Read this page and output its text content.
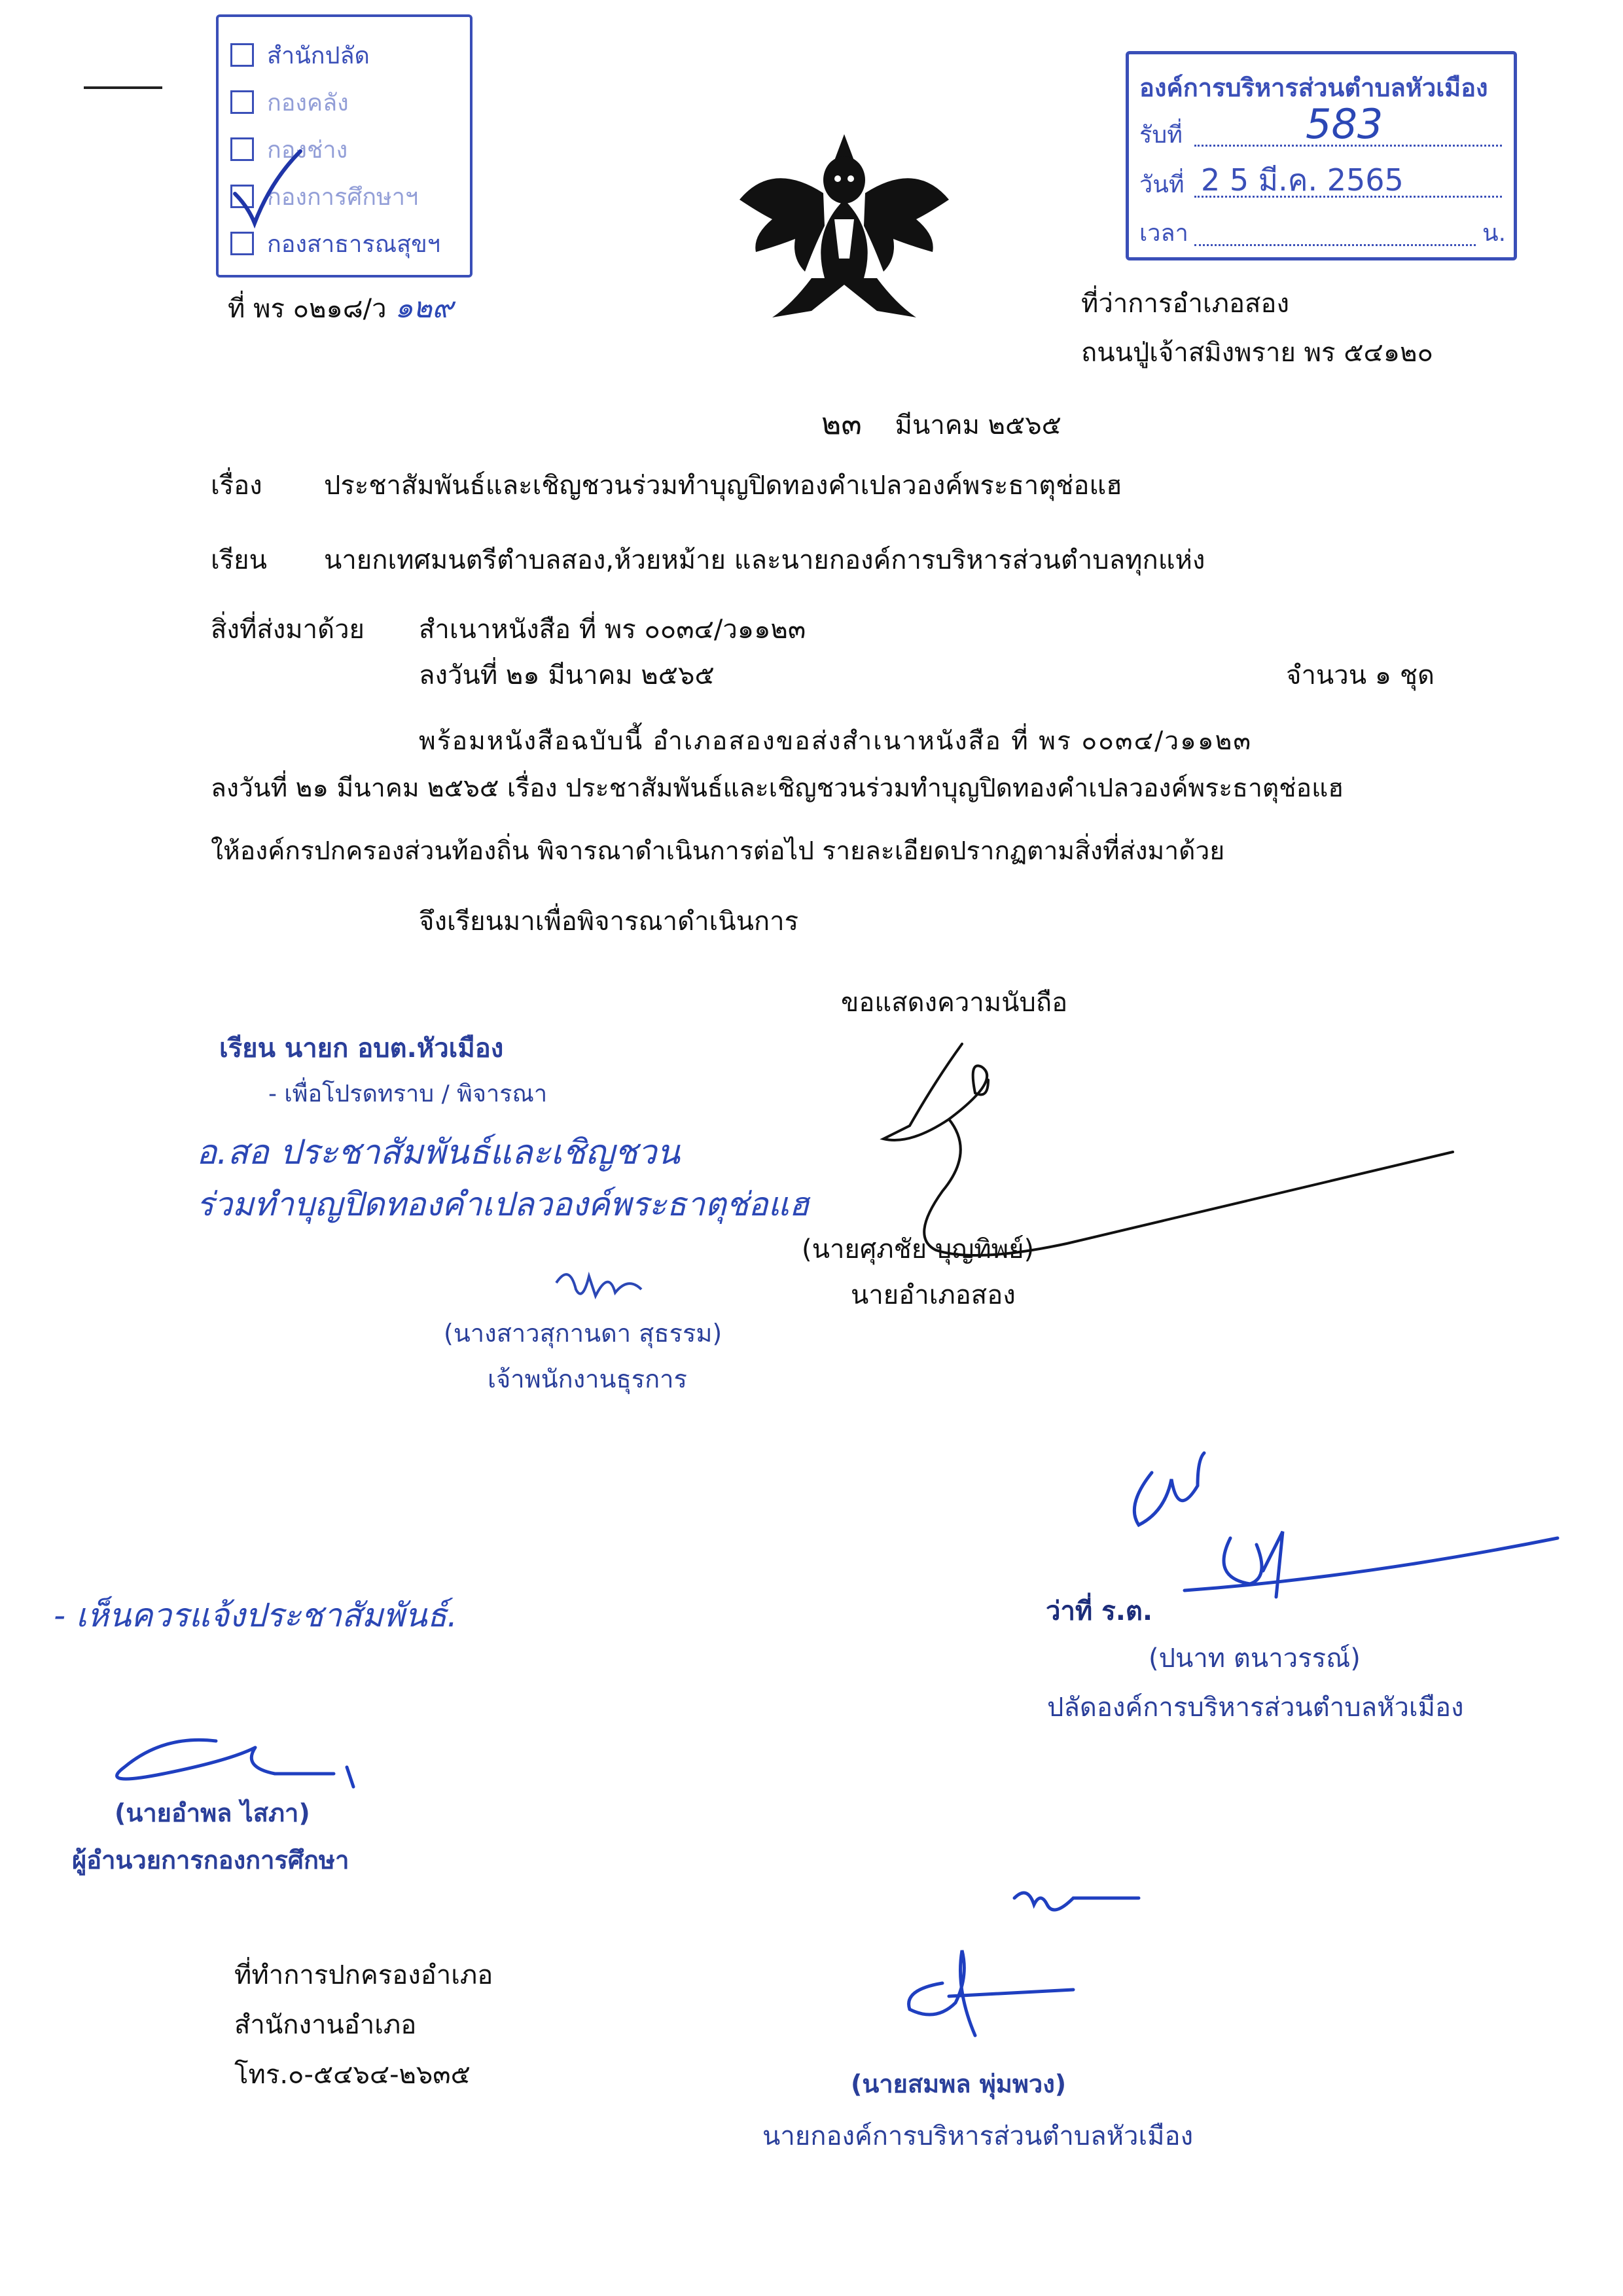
สำนักปลัด
กองคลัง
กองช่าง
กองการศึกษาฯ
กองสาธารณสุขฯ
องค์การบริหารส่วนตำบลหัวเมือง
รับที่	583
วันที่ 2 5 มี.ค. 2565
เวลา	น.
ที่ พร ๐๒๑๘/ว ๑๒๙	ที่ว่าการอำเภอสอง
ถนนปู่เจ้าสมิงพราย พร ๕๔๑๒๐
๒๓ มีนาคม ๒๕๖๕
เรื่อง ประชาสัมพันธ์และเชิญชวนร่วมทำบุญปิดทองคำเปลวองค์พระธาตุช่อแฮ
เรียน นายกเทศมนตรีตำบลสอง,ห้วยหม้าย และนายกองค์การบริหารส่วนตำบลทุกแห่ง
สิ่งที่ส่งมาด้วย สำเนาหนังสือ ที่ พร ๐๐๓๔/ว๑๑๒๓
ลงวันที่ ๒๑ มีนาคม ๒๕๖๕	จำนวน ๑ ชุด
พร้อมหนังสือฉบับนี้ อำเภอสองขอส่งสำเนาหนังสือ ที่ พร ๐๐๓๔/ว๑๑๒๓
ลงวันที่ ๒๑ มีนาคม ๒๕๖๕ เรื่อง ประชาสัมพันธ์และเชิญชวนร่วมทำบุญปิดทองคำเปลวองค์พระธาตุช่อแฮ
ให้องค์กรปกครองส่วนท้องถิ่น พิจารณาดำเนินการต่อไป รายละเอียดปรากฏตามสิ่งที่ส่งมาด้วย
จึงเรียนมาเพื่อพิจารณาดำเนินการ
ขอแสดงความนับถือ
(นายศุภชัย บุญทิพย์)
นายอำเภอสอง
เรียน นายก อบต.หัวเมือง
- เพื่อโปรดทราบ / พิจารณา
อ.สอ ประชาสัมพันธ์และเชิญชวน
ร่วมทำบุญปิดทองคำเปลวองค์พระธาตุช่อแฮ
(นางสาวสุกานดา สุธรรม)
เจ้าพนักงานธุรการ
ว่าที่ ร.ต.
(ปนาท ตนาวรรณ์)
ปลัดองค์การบริหารส่วนตำบลหัวเมือง
- เห็นควรแจ้งประชาสัมพันธ์.
(นายอำพล ไสภา)
ผู้อำนวยการกองการศึกษา
ที่ทำการปกครองอำเภอ
สำนักงานอำเภอ
โทร.๐-๕๔๖๔-๒๖๓๕	(นายสมพล พุ่มพวง)
นายกองค์การบริหารส่วนตำบลหัวเมือง
